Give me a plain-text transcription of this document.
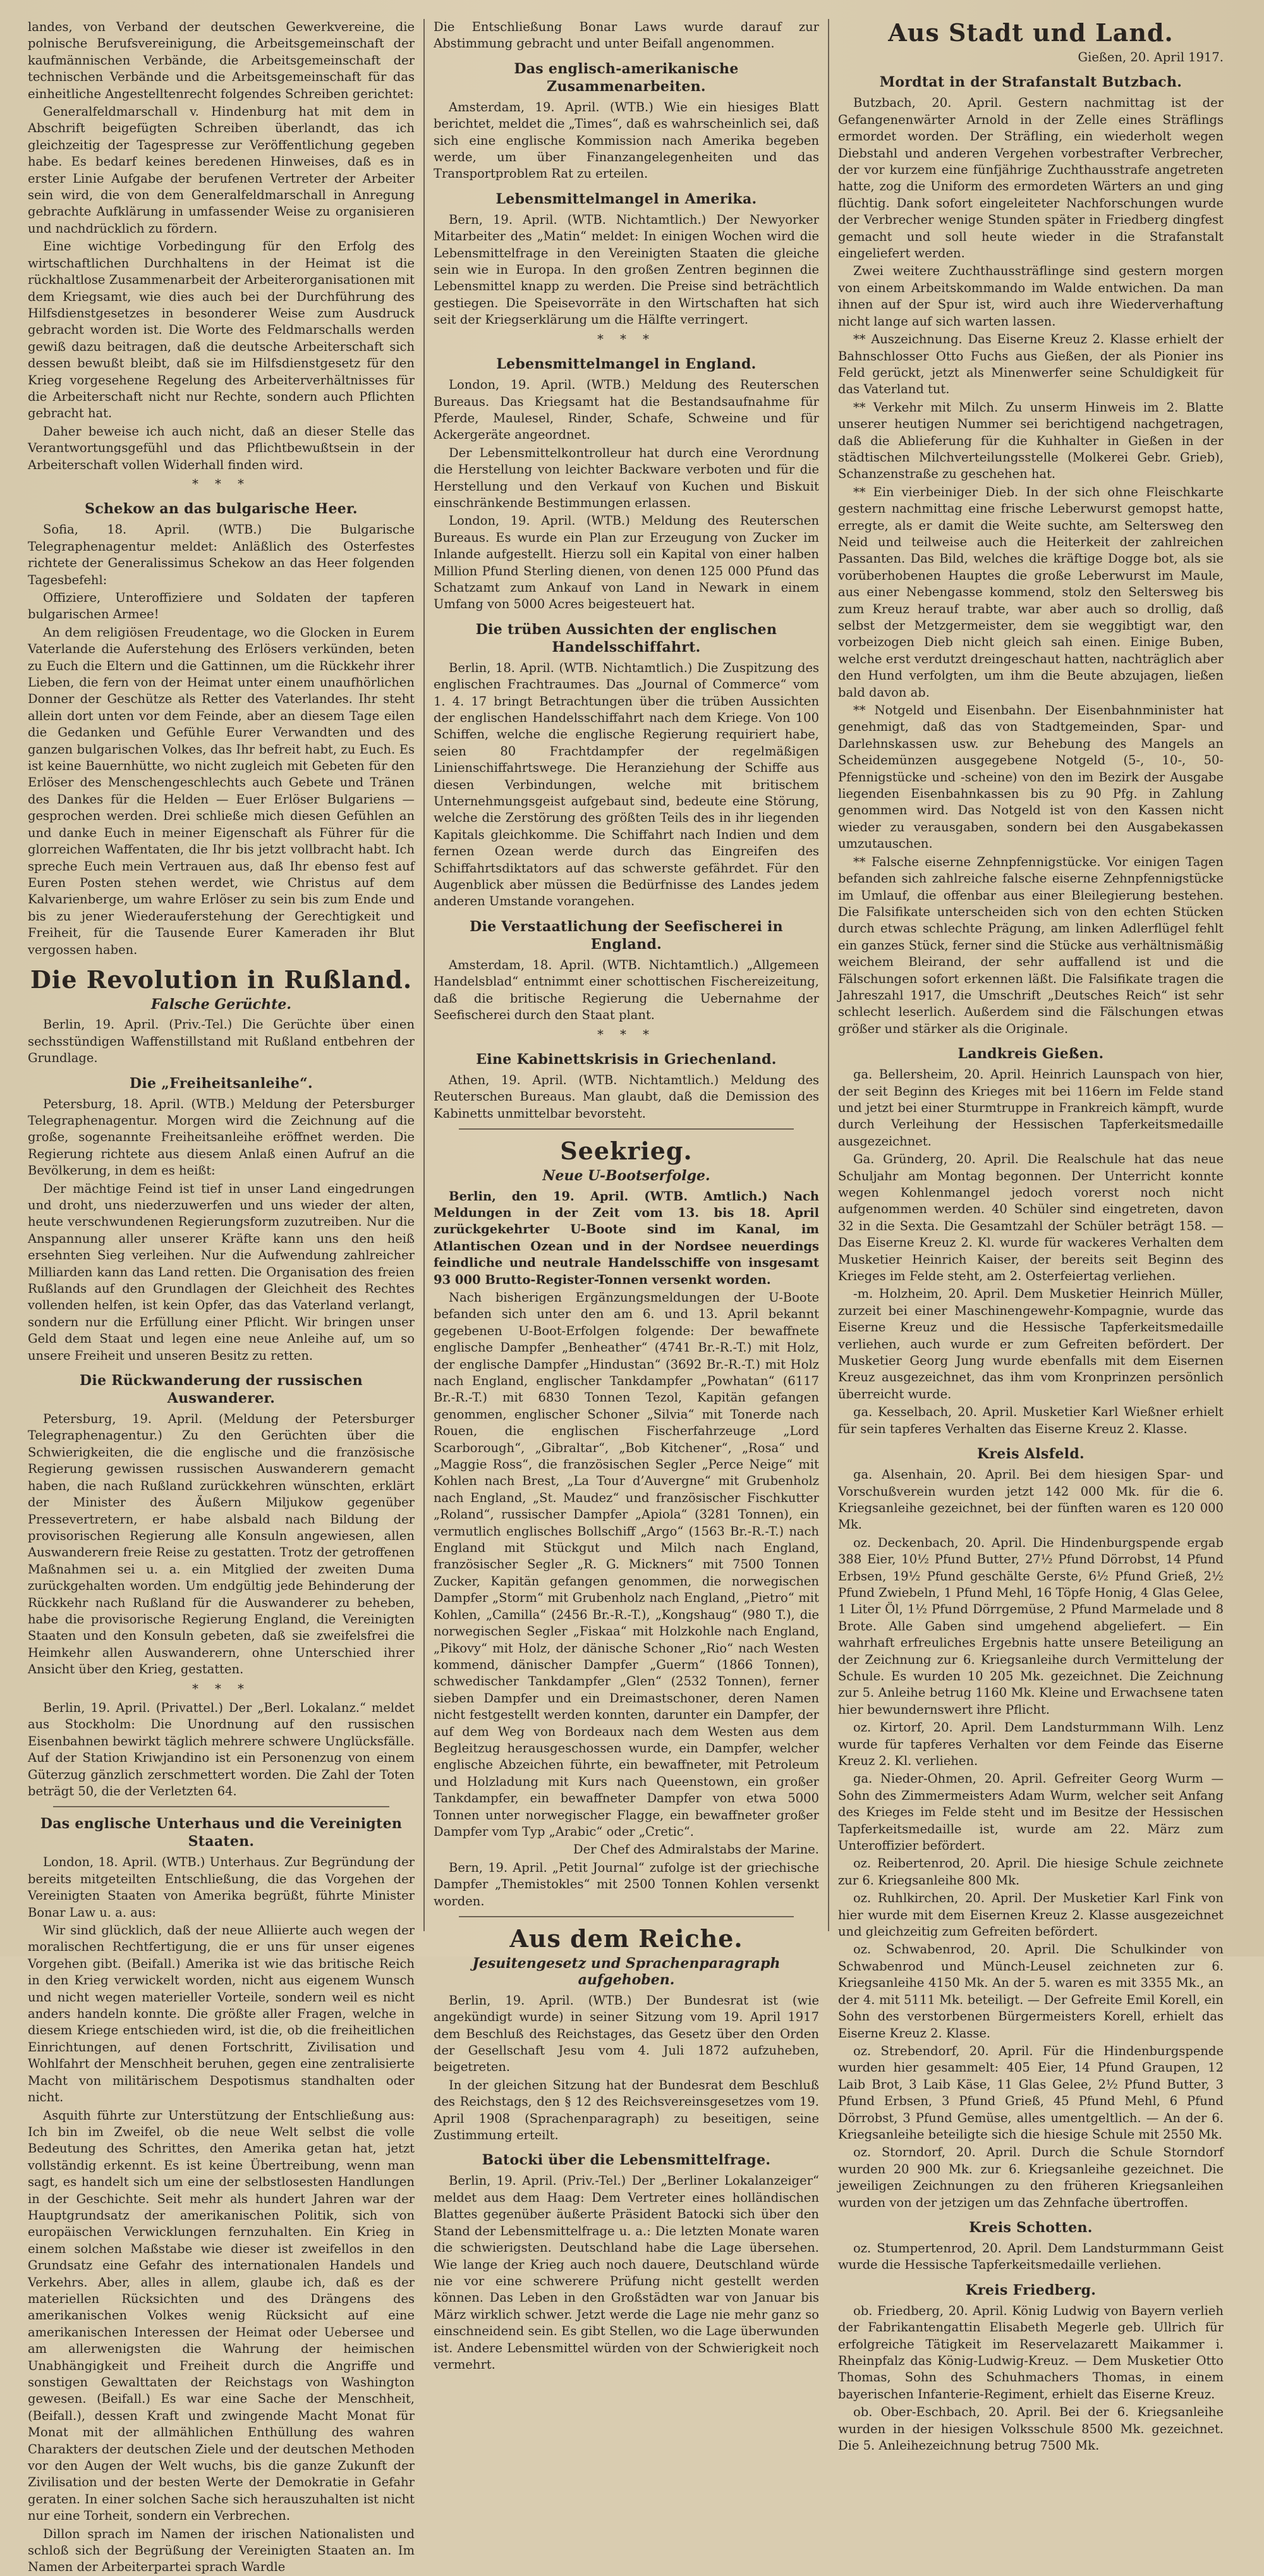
landes, von Verband der deutschen Gewerkvereine, die polnische Berufsvereinigung, die Arbeitsgemeinschaft der kaufmännischen Verbände, die Arbeitsgemeinschaft der technischen Verbände und die Arbeitsgemeinschaft für das einheitliche Angestelltenrecht folgendes Schreiben gerichtet:

Generalfeldmarschall v. Hindenburg hat mit dem in Abschrift beigefügten Schreiben überlandt, das ich gleichzeitig der Tagespresse zur Veröffentlichung gegeben habe. Es bedarf keines beredenen Hinweises, daß es in erster Linie Aufgabe der berufenen Vertreter der Arbeiter sein wird, die von dem Generalfeldmarschall in Anregung gebrachte Aufklärung in umfassender Weise zu organisieren und nachdrücklich zu fördern.

Eine wichtige Vorbedingung für den Erfolg des wirtschaftlichen Durchhaltens in der Heimat ist die rückhaltlose Zusammenarbeit der Arbeiterorganisationen mit dem Kriegsamt, wie dies auch bei der Durchführung des Hilfsdienstgesetzes in besonderer Weise zum Ausdruck gebracht worden ist. Die Worte des Feldmarschalls werden gewiß dazu beitragen, daß die deutsche Arbeiterschaft sich dessen bewußt bleibt, daß sie im Hilfsdienstgesetz für den Krieg vorgesehene Regelung des Arbeiterverhältnisses für die Arbeiterschaft nicht nur Rechte, sondern auch Pflichten gebracht hat.

Daher beweise ich auch nicht, daß an dieser Stelle das Verantwortungsgefühl und das Pflichtbewußtsein in der Arbeiterschaft vollen Widerhall finden wird.

* * *
Schekow an das bulgarische Heer.

Sofia, 18. April. (WTB.) Die Bulgarische Telegraphenagentur meldet: Anläßlich des Osterfestes richtete der Generalissimus Schekow an das Heer folgenden Tagesbefehl:

Offiziere, Unteroffiziere und Soldaten der tapferen bulgarischen Armee!

An dem religiösen Freudentage, wo die Glocken in Eurem Vaterlande die Auferstehung des Erlösers verkünden, beten zu Euch die Eltern und die Gattinnen, um die Rückkehr ihrer Lieben, die fern von der Heimat unter einem unaufhörlichen Donner der Geschütze als Retter des Vaterlandes. Ihr steht allein dort unten vor dem Feinde, aber an diesem Tage eilen die Gedanken und Gefühle Eurer Verwandten und des ganzen bulgarischen Volkes, das Ihr befreit habt, zu Euch. Es ist keine Bauernhütte, wo nicht zugleich mit Gebeten für den Erlöser des Menschengeschlechts auch Gebete und Tränen des Dankes für die Helden — Euer Erlöser Bulgariens — gesprochen werden. Drei schließe mich diesen Gefühlen an und danke Euch in meiner Eigenschaft als Führer für die glorreichen Waffentaten, die Ihr bis jetzt vollbracht habt. Ich spreche Euch mein Vertrauen aus, daß Ihr ebenso fest auf Euren Posten stehen werdet, wie Christus auf dem Kalvarienberge, um wahre Erlöser zu sein bis zum Ende und bis zu jener Wiederauferstehung der Gerechtigkeit und Freiheit, für die Tausende Eurer Kameraden ihr Blut vergossen haben.

Die Revolution in Rußland.
Falsche Gerüchte.

Berlin, 19. April. (Priv.-Tel.) Die Gerüchte über einen sechsstündigen Waffenstillstand mit Rußland entbehren der Grundlage.

Die „Freiheitsanleihe“.

Petersburg, 18. April. (WTB.) Meldung der Petersburger Telegraphenagentur. Morgen wird die Zeichnung auf die große, sogenannte Freiheitsanleihe eröffnet werden. Die Regierung richtete aus diesem Anlaß einen Aufruf an die Bevölkerung, in dem es heißt:

Der mächtige Feind ist tief in unser Land eingedrungen und droht, uns niederzuwerfen und uns wieder der alten, heute verschwundenen Regierungsform zuzutreiben. Nur die Anspannung aller unserer Kräfte kann uns den heiß ersehnten Sieg verleihen. Nur die Aufwendung zahlreicher Milliarden kann das Land retten. Die Organisation des freien Rußlands auf den Grundlagen der Gleichheit des Rechtes vollenden helfen, ist kein Opfer, das das Vaterland verlangt, sondern nur die Erfüllung einer Pflicht. Wir bringen unser Geld dem Staat und legen eine neue Anleihe auf, um so unsere Freiheit und unseren Besitz zu retten.

Die Rückwanderung der russischen Auswanderer.

Petersburg, 19. April. (Meldung der Petersburger Telegraphenagentur.) Zu den Gerüchten über die Schwierigkeiten, die die englische und die französische Regierung gewissen russischen Auswanderern gemacht haben, die nach Rußland zurückkehren wünschten, erklärt der Minister des Äußern Miljukow gegenüber Pressevertretern, er habe alsbald nach Bildung der provisorischen Regierung alle Konsuln angewiesen, allen Auswanderern freie Reise zu gestatten. Trotz der getroffenen Maßnahmen sei u. a. ein Mitglied der zweiten Duma zurückgehalten worden. Um endgültig jede Behinderung der Rückkehr nach Rußland für die Auswanderer zu beheben, habe die provisorische Regierung England, die Vereinigten Staaten und den Konsuln gebeten, daß sie zweifelsfrei die Heimkehr allen Auswanderern, ohne Unterschied ihrer Ansicht über den Krieg, gestatten.

* * *

Berlin, 19. April. (Privattel.) Der „Berl. Lokalanz.“ meldet aus Stockholm: Die Unordnung auf den russischen Eisenbahnen bewirkt täglich mehrere schwere Unglücksfälle. Auf der Station Kriwjandino ist ein Personenzug von einem Güterzug gänzlich zerschmettert worden. Die Zahl der Toten beträgt 50, die der Verletzten 64.

Das englische Unterhaus und die Vereinigten Staaten.

London, 18. April. (WTB.) Unterhaus. Zur Begründung der bereits mitgeteilten Entschließung, die das Vorgehen der Vereinigten Staaten von Amerika begrüßt, führte Minister Bonar Law u. a. aus:

Wir sind glücklich, daß der neue Alliierte auch wegen der moralischen Rechtfertigung, die er uns für unser eigenes Vorgehen gibt. (Beifall.) Amerika ist wie das britische Reich in den Krieg verwickelt worden, nicht aus eigenem Wunsch und nicht wegen materieller Vorteile, sondern weil es nicht anders handeln konnte. Die größte aller Fragen, welche in diesem Kriege entschieden wird, ist die, ob die freiheitlichen Einrichtungen, auf denen Fortschritt, Zivilisation und Wohlfahrt der Menschheit beruhen, gegen eine zentralisierte Macht von militärischem Despotismus standhalten oder nicht.

Asquith führte zur Unterstützung der Entschließung aus: Ich bin im Zweifel, ob die neue Welt selbst die volle Bedeutung des Schrittes, den Amerika getan hat, jetzt vollständig erkennt. Es ist keine Übertreibung, wenn man sagt, es handelt sich um eine der selbstlosesten Handlungen in der Geschichte. Seit mehr als hundert Jahren war der Hauptgrundsatz der amerikanischen Politik, sich von europäischen Verwicklungen fernzuhalten. Ein Krieg in einem solchen Maßstabe wie dieser ist zweifellos in den Grundsatz eine Gefahr des internationalen Handels und Verkehrs. Aber, alles in allem, glaube ich, daß es der materiellen Rücksichten und des Drängens des amerikanischen Volkes wenig Rücksicht auf eine amerikanischen Interessen der Heimat oder Uebersee und am allerwenigsten die Wahrung der heimischen Unabhängigkeit und Freiheit durch die Angriffe und sonstigen Gewalttaten der Reichstags von Washington gewesen. (Beifall.) Es war eine Sache der Menschheit, (Beifall.), dessen Kraft und zwingende Macht Monat für Monat mit der allmählichen Enthüllung des wahren Charakters der deutschen Ziele und der deutschen Methoden vor den Augen der Welt wuchs, bis die ganze Zukunft der Zivilisation und der besten Werte der Demokratie in Gefahr geraten. In einer solchen Sache sich herauszuhalten ist nicht nur eine Torheit, sondern ein Verbrechen.

Dillon sprach im Namen der irischen Nationalisten und schloß sich der Begrüßung der Vereinigten Staaten an. Im Namen der Arbeiterpartei sprach Wardle

Die Entschließung Bonar Laws wurde darauf zur Abstimmung gebracht und unter Beifall angenommen.

Das englisch-amerikanische Zusammenarbeiten.

Amsterdam, 19. April. (WTB.) Wie ein hiesiges Blatt berichtet, meldet die „Times“, daß es wahrscheinlich sei, daß sich eine englische Kommission nach Amerika begeben werde, um über Finanzangelegenheiten und das Transportproblem Rat zu erteilen.

Lebensmittelmangel in Amerika.

Bern, 19. April. (WTB. Nichtamtlich.) Der Newyorker Mitarbeiter des „Matin“ meldet: In einigen Wochen wird die Lebensmittelfrage in den Vereinigten Staaten die gleiche sein wie in Europa. In den großen Zentren beginnen die Lebensmittel knapp zu werden. Die Preise sind beträchtlich gestiegen. Die Speisevorräte in den Wirtschaften hat sich seit der Kriegserklärung um die Hälfte verringert.

* * *
Lebensmittelmangel in England.

London, 19. April. (WTB.) Meldung des Reuterschen Bureaus. Das Kriegsamt hat die Bestandsaufnahme für Pferde, Maulesel, Rinder, Schafe, Schweine und für Ackergeräte angeordnet.

Der Lebensmittelkontrolleur hat durch eine Verordnung die Herstellung von leichter Backware verboten und für die Herstellung und den Verkauf von Kuchen und Biskuit einschränkende Bestimmungen erlassen.

London, 19. April. (WTB.) Meldung des Reuterschen Bureaus. Es wurde ein Plan zur Erzeugung von Zucker im Inlande aufgestellt. Hierzu soll ein Kapital von einer halben Million Pfund Sterling dienen, von denen 125 000 Pfund das Schatzamt zum Ankauf von Land in Newark in einem Umfang von 5000 Acres beigesteuert hat.

Die trüben Aussichten der englischen Handelsschiffahrt.

Berlin, 18. April. (WTB. Nichtamtlich.) Die Zuspitzung des englischen Frachtraumes. Das „Journal of Commerce“ vom 1. 4. 17 bringt Betrachtungen über die trüben Aussichten der englischen Handelsschiffahrt nach dem Kriege. Von 100 Schiffen, welche die englische Regierung requiriert habe, seien 80 Frachtdampfer der regelmäßigen Linienschiffahrtswege. Die Heranziehung der Schiffe aus diesen Verbindungen, welche mit britischem Unternehmungsgeist aufgebaut sind, bedeute eine Störung, welche die Zerstörung des größten Teils des in ihr liegenden Kapitals gleichkomme. Die Schiffahrt nach Indien und dem fernen Ozean werde durch das Eingreifen des Schiffahrtsdiktators auf das schwerste gefährdet. Für den Augenblick aber müssen die Bedürfnisse des Landes jedem anderen Umstande vorangehen.

Die Verstaatlichung der Seefischerei in England.

Amsterdam, 18. April. (WTB. Nichtamtlich.) „Allgemeen Handelsblad“ entnimmt einer schottischen Fischereizeitung, daß die britische Regierung die Uebernahme der Seefischerei durch den Staat plant.

* * *
Eine Kabinettskrisis in Griechenland.

Athen, 19. April. (WTB. Nichtamtlich.) Meldung des Reuterschen Bureaus. Man glaubt, daß die Demission des Kabinetts unmittelbar bevorsteht.

Seekrieg.
Neue U-Bootserfolge.

Berlin, den 19. April. (WTB. Amtlich.) Nach Meldungen in der Zeit vom 13. bis 18. April zurückgekehrter U-Boote sind im Kanal, im Atlantischen Ozean und in der Nordsee neuerdings feindliche und neutrale Handelsschiffe von insgesamt 93 000 Brutto-Register-Tonnen versenkt worden.

Nach bisherigen Ergänzungsmeldungen der U-Boote befanden sich unter den am 6. und 13. April bekannt gegebenen U-Boot-Erfolgen folgende: Der bewaffnete englische Dampfer „Benheather“ (4741 Br.-R.-T.) mit Holz, der englische Dampfer „Hindustan“ (3692 Br.-R.-T.) mit Holz nach England, englischer Tankdampfer „Powhatan“ (6117 Br.-R.-T.) mit 6830 Tonnen Tezol, Kapitän gefangen genommen, englischer Schoner „Silvia“ mit Tonerde nach Rouen, die englischen Fischerfahrzeuge „Lord Scarborough“, „Gibraltar“, „Bob Kitchener“, „Rosa“ und „Maggie Ross“, die französischen Segler „Perce Neige“ mit Kohlen nach Brest, „La Tour d’Auvergne“ mit Grubenholz nach England, „St. Maudez“ und französischer Fischkutter „Roland“, russischer Dampfer „Apiola“ (3281 Tonnen), ein vermutlich englisches Bollschiff „Argo“ (1563 Br.-R.-T.) nach England mit Stückgut und Milch nach England, französischer Segler „R. G. Mickners“ mit 7500 Tonnen Zucker, Kapitän gefangen genommen, die norwegischen Dampfer „Storm“ mit Grubenholz nach England, „Pietro“ mit Kohlen, „Camilla“ (2456 Br.-R.-T.), „Kongshaug“ (980 T.), die norwegischen Segler „Fiskaa“ mit Holzkohle nach England, „Pikovy“ mit Holz, der dänische Schoner „Rio“ nach Westen kommend, dänischer Dampfer „Guerm“ (1866 Tonnen), schwedischer Tankdampfer „Glen“ (2532 Tonnen), ferner sieben Dampfer und ein Dreimastschoner, deren Namen nicht festgestellt werden konnten, darunter ein Dampfer, der auf dem Weg von Bordeaux nach dem Westen aus dem Begleitzug herausgeschossen wurde, ein Dampfer, welcher englische Abzeichen führte, ein bewaffneter, mit Petroleum und Holzladung mit Kurs nach Queenstown, ein großer Tankdampfer, ein bewaffneter Dampfer von etwa 5000 Tonnen unter norwegischer Flagge, ein bewaffneter großer Dampfer vom Typ „Arabic“ oder „Cretic“.

Der Chef des Admiralstabs der Marine.

Bern, 19. April. „Petit Journal“ zufolge ist der griechische Dampfer „Themistokles“ mit 2500 Tonnen Kohlen versenkt worden.

Aus dem Reiche.
Jesuitengesetz und Sprachenparagraph aufgehoben.

Berlin, 19. April. (WTB.) Der Bundesrat ist (wie angekündigt wurde) in seiner Sitzung vom 19. April 1917 dem Beschluß des Reichstages, das Gesetz über den Orden der Gesellschaft Jesu vom 4. Juli 1872 aufzuheben, beigetreten.

In der gleichen Sitzung hat der Bundesrat dem Beschluß des Reichstags, den § 12 des Reichsvereinsgesetzes vom 19. April 1908 (Sprachenparagraph) zu beseitigen, seine Zustimmung erteilt.

Batocki über die Lebensmittelfrage.

Berlin, 19. April. (Priv.-Tel.) Der „Berliner Lokalanzeiger“ meldet aus dem Haag: Dem Vertreter eines holländischen Blattes gegenüber äußerte Präsident Batocki sich über den Stand der Lebensmittelfrage u. a.: Die letzten Monate waren die schwierigsten. Deutschland habe die Lage übersehen. Wie lange der Krieg auch noch dauere, Deutschland würde nie vor eine schwerere Prüfung nicht gestellt werden können. Das Leben in den Großstädten war von Januar bis März wirklich schwer. Jetzt werde die Lage nie mehr ganz so einschneidend sein. Es gibt Stellen, wo die Lage überwunden ist. Andere Lebensmittel würden von der Schwierigkeit noch vermehrt.

Aus Stadt und Land.

Gießen, 20. April 1917.

Mordtat in der Strafanstalt Butzbach.

Butzbach, 20. April. Gestern nachmittag ist der Gefangenenwärter Arnold in der Zelle eines Sträflings ermordet worden. Der Sträfling, ein wiederholt wegen Diebstahl und anderen Vergehen vorbestrafter Verbrecher, der vor kurzem eine fünfjährige Zuchthausstrafe angetreten hatte, zog die Uniform des ermordeten Wärters an und ging flüchtig. Dank sofort eingeleiteter Nachforschungen wurde der Verbrecher wenige Stunden später in Friedberg dingfest gemacht und soll heute wieder in die Strafanstalt eingeliefert werden.

Zwei weitere Zuchthaussträflinge sind gestern morgen von einem Arbeitskommando im Walde entwichen. Da man ihnen auf der Spur ist, wird auch ihre Wiederverhaftung nicht lange auf sich warten lassen.

** Auszeichnung. Das Eiserne Kreuz 2. Klasse erhielt der Bahnschlosser Otto Fuchs aus Gießen, der als Pionier ins Feld gerückt, jetzt als Minenwerfer seine Schuldigkeit für das Vaterland tut.

** Verkehr mit Milch. Zu unserm Hinweis im 2. Blatte unserer heutigen Nummer sei berichtigend nachgetragen, daß die Ablieferung für die Kuhhalter in Gießen in der städtischen Milchverteilungsstelle (Molkerei Gebr. Grieb), Schanzenstraße zu geschehen hat.

** Ein vierbeiniger Dieb. In der sich ohne Fleischkarte gestern nachmittag eine frische Leberwurst gemopst hatte, erregte, als er damit die Weite suchte, am Seltersweg den Neid und teilweise auch die Heiterkeit der zahlreichen Passanten. Das Bild, welches die kräftige Dogge bot, als sie vorüberhobenen Hauptes die große Leberwurst im Maule, aus einer Nebengasse kommend, stolz den Seltersweg bis zum Kreuz herauf trabte, war aber auch so drollig, daß selbst der Metzgermeister, dem sie weggibtigt war, den vorbeizogen Dieb nicht gleich sah einen. Einige Buben, welche erst verdutzt dreingeschaut hatten, nachträglich aber den Hund verfolgten, um ihm die Beute abzujagen, ließen bald davon ab.

** Notgeld und Eisenbahn. Der Eisenbahnminister hat genehmigt, daß das von Stadtgemeinden, Spar- und Darlehnskassen usw. zur Behebung des Mangels an Scheidemünzen ausgegebene Notgeld (5-, 10-, 50-Pfennigstücke und -scheine) von den im Bezirk der Ausgabe liegenden Eisenbahnkassen bis zu 90 Pfg. in Zahlung genommen wird. Das Notgeld ist von den Kassen nicht wieder zu verausgaben, sondern bei den Ausgabekassen umzutauschen.

** Falsche eiserne Zehnpfennigstücke. Vor einigen Tagen befanden sich zahlreiche falsche eiserne Zehnpfennigstücke im Umlauf, die offenbar aus einer Bleilegierung bestehen. Die Falsifikate unterscheiden sich von den echten Stücken durch etwas schlechte Prägung, am linken Adlerflügel fehlt ein ganzes Stück, ferner sind die Stücke aus verhältnismäßig weichem Bleirand, der sehr auffallend ist und die Fälschungen sofort erkennen läßt. Die Falsifikate tragen die Jahreszahl 1917, die Umschrift „Deutsches Reich“ ist sehr schlecht leserlich. Außerdem sind die Fälschungen etwas größer und stärker als die Originale.

Landkreis Gießen.

ga. Bellersheim, 20. April. Heinrich Launspach von hier, der seit Beginn des Krieges mit bei 116ern im Felde stand und jetzt bei einer Sturmtruppe in Frankreich kämpft, wurde durch Verleihung der Hessischen Tapferkeitsmedaille ausgezeichnet.

Ga. Gründerg, 20. April. Die Realschule hat das neue Schuljahr am Montag begonnen. Der Unterricht konnte wegen Kohlenmangel jedoch vorerst noch nicht aufgenommen werden. 40 Schüler sind eingetreten, davon 32 in die Sexta. Die Gesamtzahl der Schüler beträgt 158. — Das Eiserne Kreuz 2. Kl. wurde für wackeres Verhalten dem Musketier Heinrich Kaiser, der bereits seit Beginn des Krieges im Felde steht, am 2. Osterfeiertag verliehen.

-m. Holzheim, 20. April. Dem Musketier Heinrich Müller, zurzeit bei einer Maschinengewehr-Kompagnie, wurde das Eiserne Kreuz und die Hessische Tapferkeitsmedaille verliehen, auch wurde er zum Gefreiten befördert. Der Musketier Georg Jung wurde ebenfalls mit dem Eisernen Kreuz ausgezeichnet, das ihm vom Kronprinzen persönlich überreicht wurde.

ga. Kesselbach, 20. April. Musketier Karl Wießner erhielt für sein tapferes Verhalten das Eiserne Kreuz 2. Klasse.

Kreis Alsfeld.

ga. Alsenhain, 20. April. Bei dem hiesigen Spar- und Vorschußverein wurden jetzt 142 000 Mk. für die 6. Kriegsanleihe gezeichnet, bei der fünften waren es 120 000 Mk.

oz. Deckenbach, 20. April. Die Hindenburgspende ergab 388 Eier, 10½ Pfund Butter, 27½ Pfund Dörrobst, 14 Pfund Erbsen, 19½ Pfund geschälte Gerste, 6½ Pfund Grieß, 2½ Pfund Zwiebeln, 1 Pfund Mehl, 16 Töpfe Honig, 4 Glas Gelee, 1 Liter Öl, 1½ Pfund Dörrgemüse, 2 Pfund Marmelade und 8 Brote. Alle Gaben sind umgehend abgeliefert. — Ein wahrhaft erfreuliches Ergebnis hatte unsere Beteiligung an der Zeichnung zur 6. Kriegsanleihe durch Vermittelung der Schule. Es wurden 10 205 Mk. gezeichnet. Die Zeichnung zur 5. Anleihe betrug 1160 Mk. Kleine und Erwachsene taten hier bewundernswert ihre Pflicht.

oz. Kirtorf, 20. April. Dem Landsturmmann Wilh. Lenz wurde für tapferes Verhalten vor dem Feinde das Eiserne Kreuz 2. Kl. verliehen.

ga. Nieder-Ohmen, 20. April. Gefreiter Georg Wurm — Sohn des Zimmermeisters Adam Wurm, welcher seit Anfang des Krieges im Felde steht und im Besitze der Hessischen Tapferkeitsmedaille ist, wurde am 22. März zum Unteroffizier befördert.

oz. Reibertenrod, 20. April. Die hiesige Schule zeichnete zur 6. Kriegsanleihe 800 Mk.

oz. Ruhlkirchen, 20. April. Der Musketier Karl Fink von hier wurde mit dem Eisernen Kreuz 2. Klasse ausgezeichnet und gleichzeitig zum Gefreiten befördert.

oz. Schwabenrod, 20. April. Die Schulkinder von Schwabenrod und Münch-Leusel zeichneten zur 6. Kriegsanleihe 4150 Mk. An der 5. waren es mit 3355 Mk., an der 4. mit 5111 Mk. beteiligt. — Der Gefreite Emil Korell, ein Sohn des verstorbenen Bürgermeisters Korell, erhielt das Eiserne Kreuz 2. Klasse.

oz. Strebendorf, 20. April. Für die Hindenburgspende wurden hier gesammelt: 405 Eier, 14 Pfund Graupen, 12 Laib Brot, 3 Laib Käse, 11 Glas Gelee, 2½ Pfund Butter, 3 Pfund Erbsen, 3 Pfund Grieß, 45 Pfund Mehl, 6 Pfund Dörrobst, 3 Pfund Gemüse, alles umentgeltlich. — An der 6. Kriegsanleihe beteiligte sich die hiesige Schule mit 2550 Mk.

oz. Storndorf, 20. April. Durch die Schule Storndorf wurden 20 900 Mk. zur 6. Kriegsanleihe gezeichnet. Die jeweiligen Zeichnungen zu den früheren Kriegsanleihen wurden von der jetzigen um das Zehnfache übertroffen.

Kreis Schotten.

oz. Stumpertenrod, 20. April. Dem Landsturmmann Geist wurde die Hessische Tapferkeitsmedaille verliehen.

Kreis Friedberg.

ob. Friedberg, 20. April. König Ludwig von Bayern verlieh der Fabrikantengattin Elisabeth Megerle geb. Ullrich für erfolgreiche Tätigkeit im Reservelazarett Maikammer i. Rheinpfalz das König-Ludwig-Kreuz. — Dem Musketier Otto Thomas, Sohn des Schuhmachers Thomas, in einem bayerischen Infanterie-Regiment, erhielt das Eiserne Kreuz.

ob. Ober-Eschbach, 20. April. Bei der 6. Kriegsanleihe wurden in der hiesigen Volksschule 8500 Mk. gezeichnet. Die 5. Anleihezeichnung betrug 7500 Mk.
